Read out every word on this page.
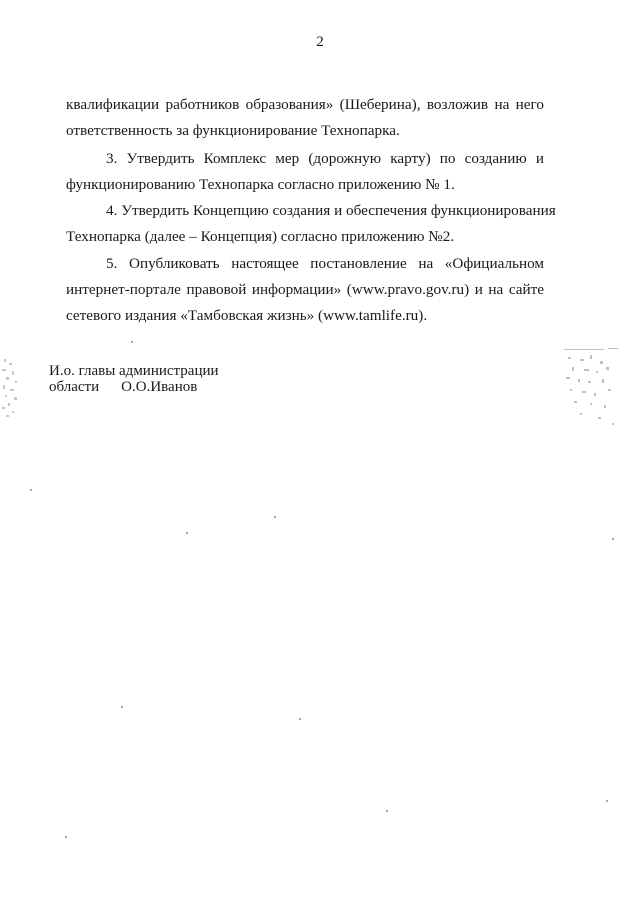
2
квалификации работников образования» (Шеберина), возложив на него
ответственность за функционирование Технопарка.
3. Утвердить Комплекс мер (дорожную карту) по созданию и
функционированию Технопарка согласно приложению № 1.
4. Утвердить Концепцию создания и обеспечения функционирования
Технопарка (далее – Концепция) согласно приложению №2.
5. Опубликовать настоящее постановление на «Официальном
интернет-портале правовой информации» (www.pravo.gov.ru) и на сайте
сетевого издания «Тамбовская жизнь» (www.tamlife.ru).
И.о. главы администрации
области О.О.Иванов
